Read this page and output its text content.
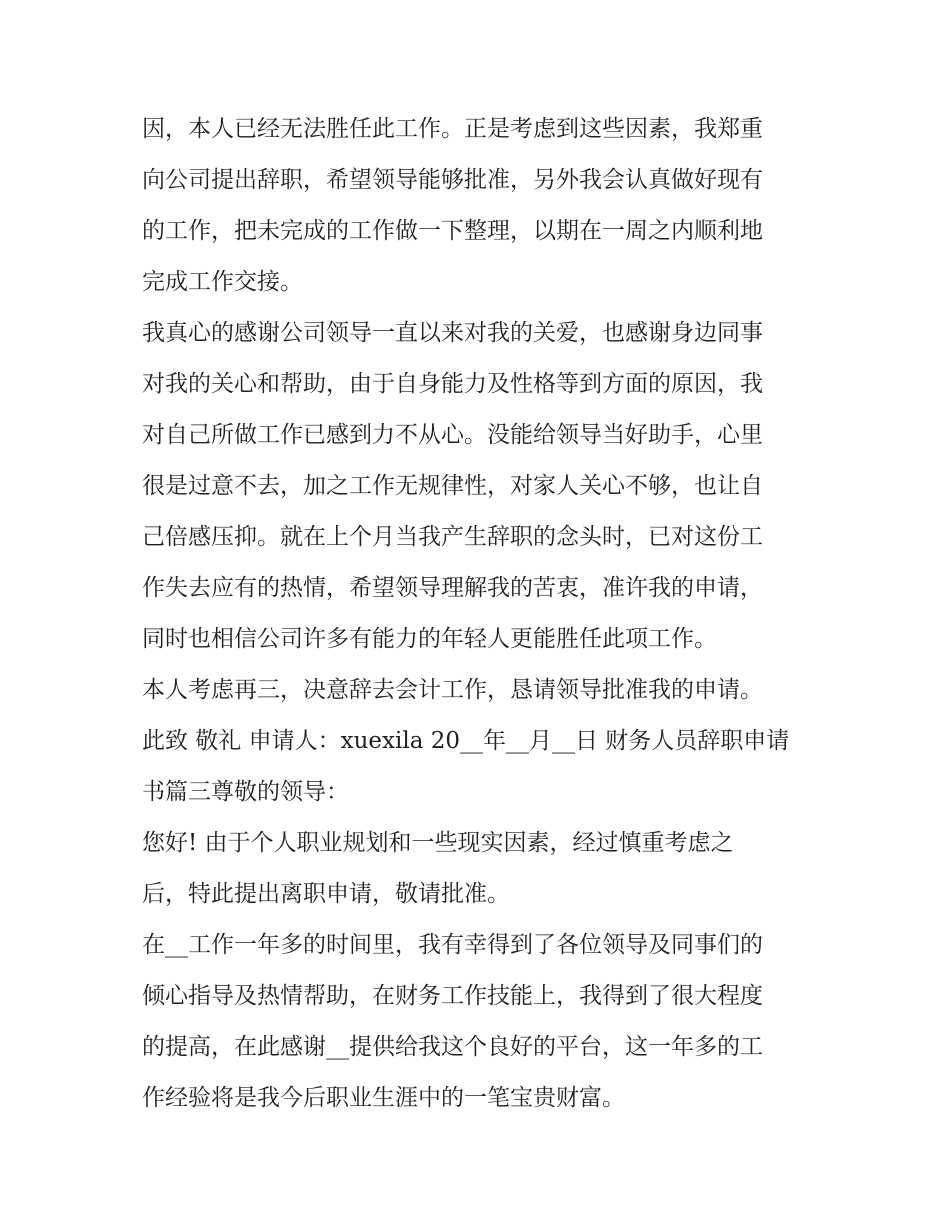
因，本人已经无法胜任此工作。正是考虑到这些因素，我郑重
向公司提出辞职，希望领导能够批准，另外我会认真做好现有
的工作，把未完成的工作做一下整理，以期在一周之内顺利地
完成工作交接。
我真心的感谢公司领导一直以来对我的关爱，也感谢身边同事
对我的关心和帮助，由于自身能力及性格等到方面的原因，我
对自己所做工作已感到力不从心。没能给领导当好助手，心里
很是过意不去，加之工作无规律性，对家人关心不够，也让自
己倍感压抑。就在上个月当我产生辞职的念头时，已对这份工
作失去应有的热情，希望领导理解我的苦衷，准许我的申请，
同时也相信公司许多有能力的年轻人更能胜任此项工作。
本人考虑再三，决意辞去会计工作，恳请领导批准我的申请。
此致 敬礼 申请人：xuexila 20__年__月__日 财务人员辞职申请
书篇三尊敬的领导：
您好! 由于个人职业规划和一些现实因素，经过慎重考虑之
后，特此提出离职申请，敬请批准。
在__工作一年多的时间里，我有幸得到了各位领导及同事们的
倾心指导及热情帮助，在财务工作技能上，我得到了很大程度
的提高，在此感谢__提供给我这个良好的平台，这一年多的工
作经验将是我今后职业生涯中的一笔宝贵财富。
